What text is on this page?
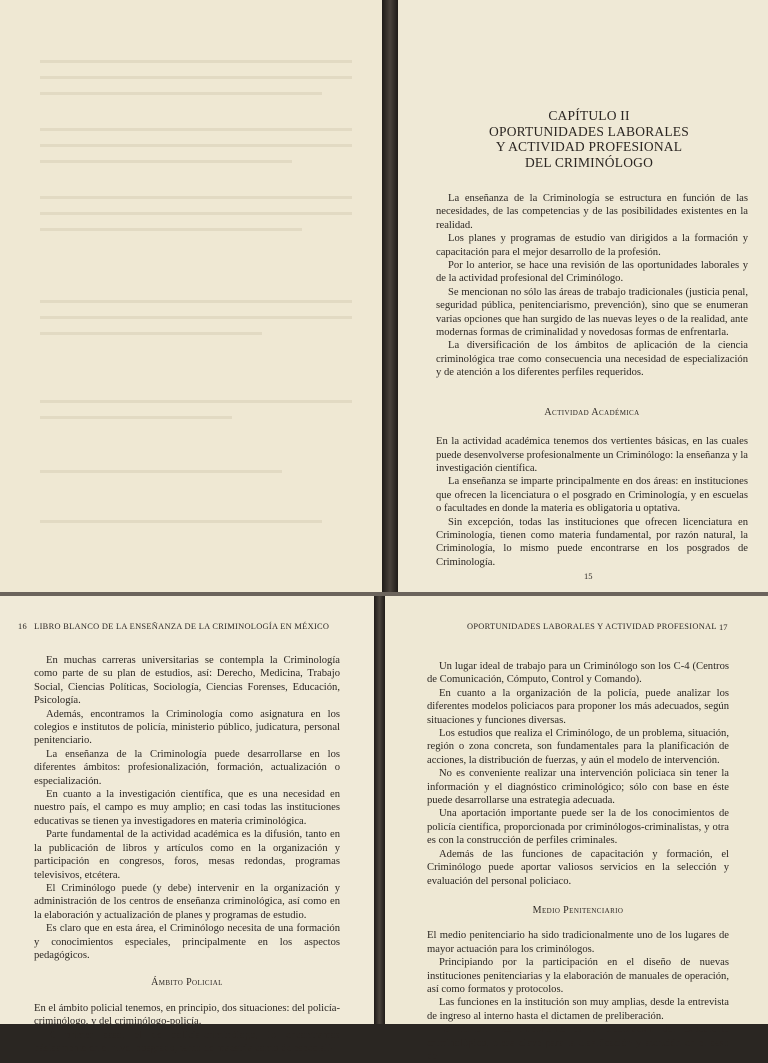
CAPÍTULO II
OPORTUNIDADES LABORALES
Y ACTIVIDAD PROFESIONAL
DEL CRIMINÓLOGO

La enseñanza de la Criminología se estructura en función de las necesidades, de las competencias y de las posibilidades existentes en la realidad.

Los planes y programas de estudio van dirigidos a la formación y capacitación para el mejor desarrollo de la profesión.

Por lo anterior, se hace una revisión de las oportunidades laborales y de la actividad profesional del Criminólogo.

Se mencionan no sólo las áreas de trabajo tradicionales (justicia penal, seguridad pública, penitenciarismo, prevención), sino que se enumeran varias opciones que han surgido de las nuevas leyes o de la realidad, ante modernas formas de criminalidad y novedosas formas de enfrentarla.

La diversificación de los ámbitos de aplicación de la ciencia criminológica trae como consecuencia una necesidad de especialización y de atención a los diferentes perfiles requeridos.

Actividad Académica

En la actividad académica tenemos dos vertientes básicas, en las cuales puede desenvolverse profesionalmente un Criminólogo: la enseñanza y la investigación científica.

La enseñanza se imparte principalmente en dos áreas: en instituciones que ofrecen la licenciatura o el posgrado en Criminología, y en escuelas o facultades en donde la materia es obligatoria u optativa.

Sin excepción, todas las instituciones que ofrecen licenciatura en Criminología, tienen como materia fundamental, por razón natural, la Criminología, lo mismo puede encontrarse en los posgrados de Criminología.

15
16 LIBRO BLANCO DE LA ENSEÑANZA DE LA CRIMINOLOGÍA EN MÉXICO

En muchas carreras universitarias se contempla la Criminología como parte de su plan de estudios, así: Derecho, Medicina, Trabajo Social, Ciencias Políticas, Sociología, Ciencias Forenses, Educación, Psicología.

Además, encontramos la Criminología como asignatura en los colegios e institutos de policía, ministerio público, judicatura, personal penitenciario.

La enseñanza de la Criminología puede desarrollarse en los diferentes ámbitos: profesionalización, formación, actualización o especialización.

En cuanto a la investigación científica, que es una necesidad en nuestro país, el campo es muy amplio; en casi todas las instituciones educativas se tienen ya investigadores en materia criminológica.

Parte fundamental de la actividad académica es la difusión, tanto en la publicación de libros y artículos como en la organización y participación en congresos, foros, mesas redondas, programas televisivos, etcétera.

El Criminólogo puede (y debe) intervenir en la organización y administración de los centros de enseñanza criminológica, así como en la elaboración y actualización de planes y programas de estudio.

Es claro que en esta área, el Criminólogo necesita de una formación y conocimientos especiales, principalmente en los aspectos pedagógicos.

Ámbito Policial

En el ámbito policial tenemos, en principio, dos situaciones: del policía-criminólogo, y del criminólogo-policía.

El primer caso, el de policía-criminólogo, lo encontramos básicamente en el nivel posgrado, tanto de maestría como de especiali-

OPORTUNIDADES LABORALES Y ACTIVIDAD PROFESIONAL 17

Un lugar ideal de trabajo para un Criminólogo son los C-4 (Centros de Comunicación, Cómputo, Control y Comando).

En cuanto a la organización de la policía, puede analizar los diferentes modelos policiacos para proponer los más adecuados, según situaciones y funciones diversas.

Los estudios que realiza el Criminólogo, de un problema, situación, región o zona concreta, son fundamentales para la planificación de acciones, la distribución de fuerzas, y aún el modelo de intervención.

No es conveniente realizar una intervención policiaca sin tener la información y el diagnóstico criminológico; sólo con base en éste puede desarrollarse una estrategia adecuada.

Una aportación importante puede ser la de los conocimientos de policía científica, proporcionada por criminólogos-criminalistas, y otra es con la construcción de perfiles criminales.

Además de las funciones de capacitación y formación, el Criminólogo puede aportar valiosos servicios en la selección y evaluación del personal policiaco.

Medio Penitenciario

El medio penitenciario ha sido tradicionalmente uno de los lugares de mayor actuación para los criminólogos.

Principiando por la participación en el diseño de nuevas instituciones penitenciarias y la elaboración de manuales de operación, así como formatos y protocolos.

Las funciones en la institución son muy amplias, desde la entrevista de ingreso al interno hasta el dictamen de preliberación.

La misión más importante es la elaboración del expediente criminológico, pieza clave para la clasificación y atención en el caso de
